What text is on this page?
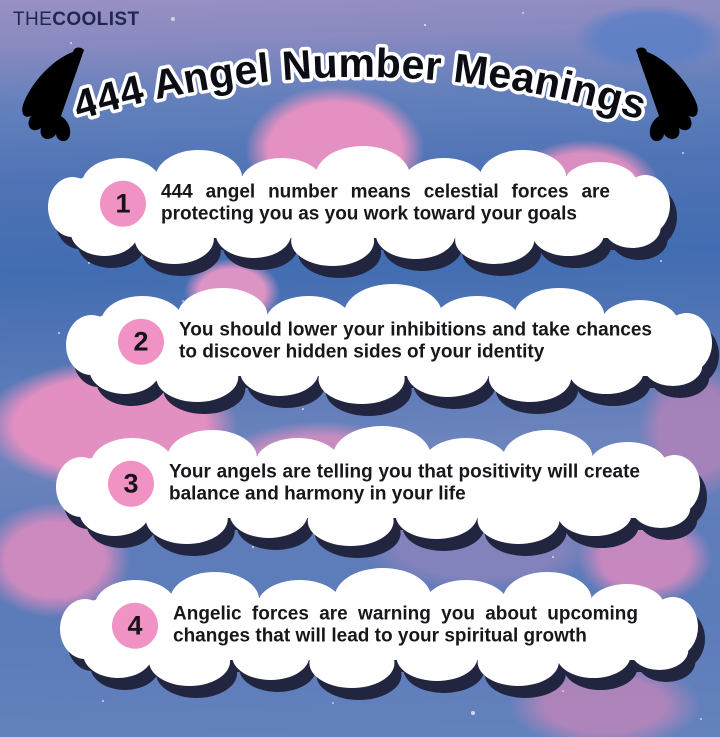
THECOOLIST
444 Angel Number Meanings
1	444 angel number means celestial forces are protecting you as you work toward your goals
2	You should lower your inhibitions and take chances to discover hidden sides of your identity
3	Your angels are telling you that positivity will create balance and harmony in your life
4	Angelic forces are warning you about upcoming changes that will lead to your spiritual growth
